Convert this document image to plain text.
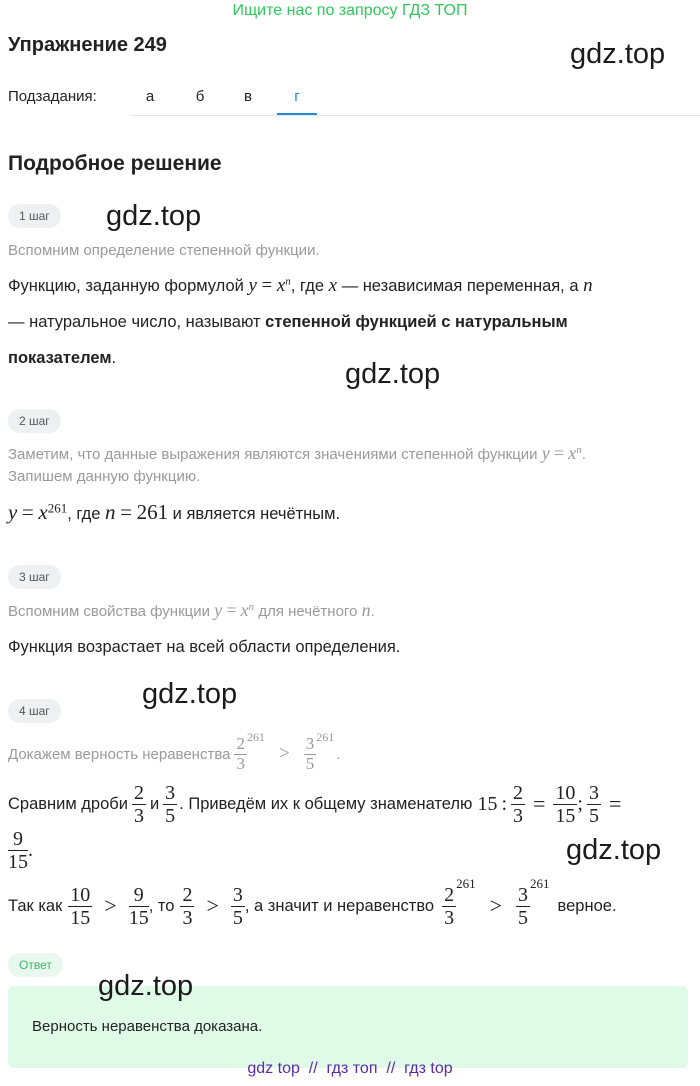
Ищите нас по запросу ГДЗ ТОП
Упражнение 249	gdz.top
Подзадания:	а	б	в	г
Подробное решение
1 шаг	gdz.top
Вспомним определение степенной функции.
Функцию, заданную формулой $y = x^n$, где x — независимая переменная, а n
— натуральное число, называют степенной функцией с натуральным
показателем.	gdz.top
2 шаг
Заметим, что данные выражения являются значениями степенной функции $y = x^n$.
Запишем данную функцию.
$y = x^{261}$, где n = 261 и является нечётным.
3 шаг
Вспомним свойства функции $y = x^n$ для нечётного n.
Функция возрастает на всей области определения.
gdz.top
4 шаг
Докажем верность неравенства $\frac{2}{3}^{261}$
> $\frac{3}{5}^{261}$
.
Сравним дроби $\frac{2}{3}$ и $\frac{3}{5}$ . Приведём их к общему знаменателю 15 : $\frac{2}{3} = \frac{10}{15}$ ; $\frac{3}{5}$ =
$\frac{9}{15}$ .	gdz.top
Так как $\frac{10}{15} > \frac{9}{15}$ , то $\frac{2}{3} > \frac{3}{5}$ , а значит и неравенство $\frac{2}{3}^{261}$
> $\frac{3}{5}^{261}$
верное.
Ответ
gdz.top
Верность неравенства доказана.
gdz top  //  гдз топ  //  гдз top
